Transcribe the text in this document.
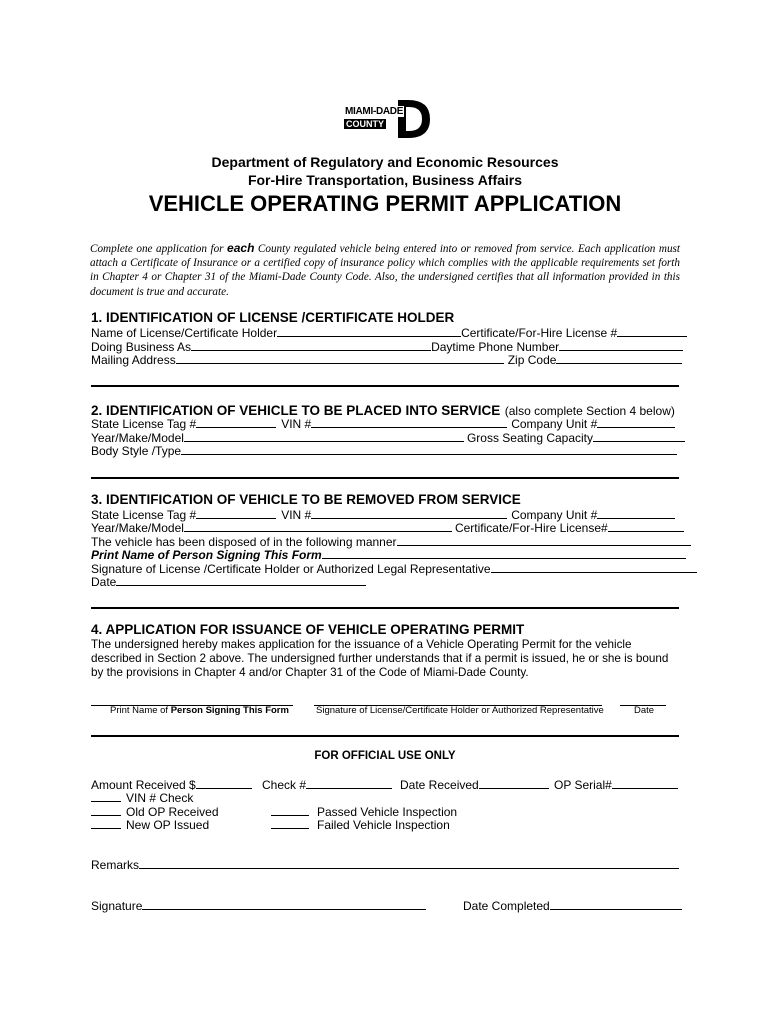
MIAMI-DADE
COUNTY
Department of Regulatory and Economic Resources
For-Hire Transportation, Business Affairs
VEHICLE OPERATING PERMIT APPLICATION
Complete one application for each County regulated vehicle being entered into or removed from service. Each application must attach a Certificate of Insurance or a certified copy of insurance policy which complies with the applicable requirements set forth in Chapter 4 or Chapter 31 of the Miami-Dade County Code. Also, the undersigned certifies that all information provided in this document is true and accurate.
1. IDENTIFICATION OF LICENSE /CERTIFICATE HOLDER
Name of License/Certificate Holder	Certificate/For-Hire License #
Doing Business As	Daytime Phone Number
Mailing Address	Zip Code
2. IDENTIFICATION OF VEHICLE TO BE PLACED INTO SERVICE (also complete Section 4 below)
State License Tag #	VIN #	Company Unit #
Year/Make/Model	Gross Seating Capacity
Body Style /Type
3. IDENTIFICATION OF VEHICLE TO BE REMOVED FROM SERVICE
State License Tag #	VIN #	Company Unit #
Year/Make/Model	Certificate/For-Hire License#
The vehicle has been disposed of in the following manner
Print Name of Person Signing This Form
Signature of License /Certificate Holder or Authorized Legal Representative
Date
4. APPLICATION FOR ISSUANCE OF VEHICLE OPERATING PERMIT
The undersigned hereby makes application for the issuance of a Vehicle Operating Permit for the vehicle described in Section 2 above. The undersigned further understands that if a permit is issued, he or she is bound by the provisions in Chapter 4 and/or Chapter 31 of the Code of Miami-Dade County.
Print Name of Person Signing This Form	Signature of License/Certificate Holder or Authorized Representative	Date
FOR OFFICIAL USE ONLY
Amount Received $	Check #	Date Received	OP Serial#
VIN # Check
Old OP Received
New OP Issued
Passed Vehicle Inspection
Failed Vehicle Inspection
Remarks
Signature	Date Completed
